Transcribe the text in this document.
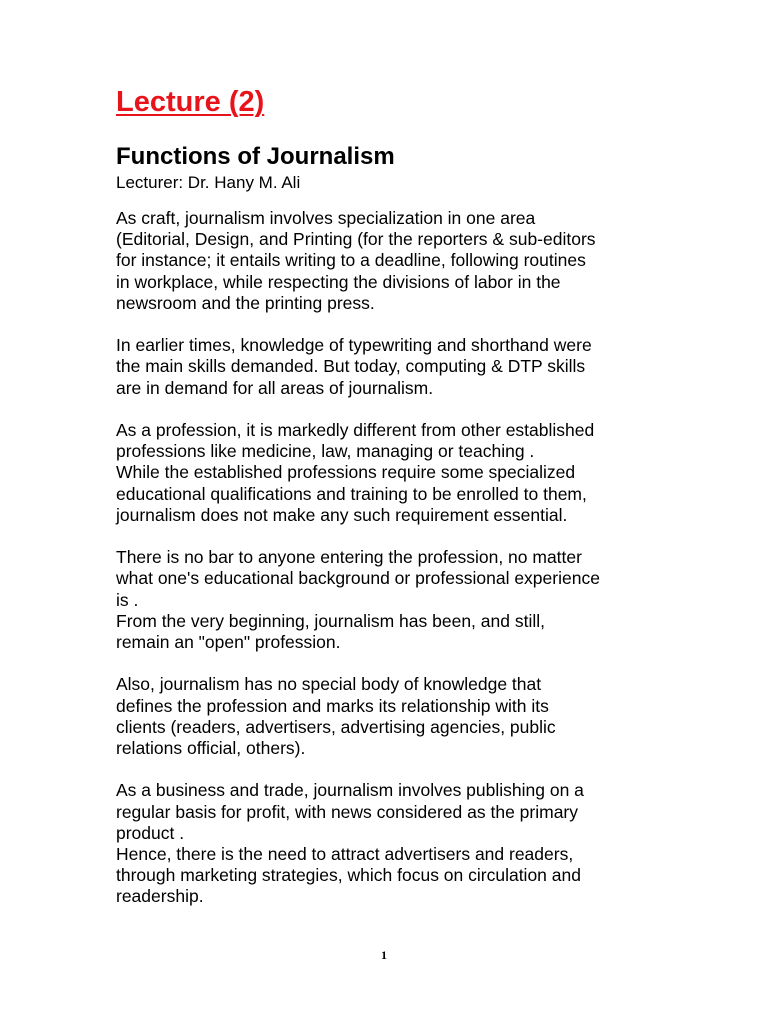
Lecture (2)
Functions of Journalism

Lecturer: Dr. Hany M. Ali

As craft, journalism involves specialization in one area
(Editorial, Design, and Printing (for the reporters & sub-editors
for instance; it entails writing to a deadline, following routines
in workplace, while respecting the divisions of labor in the
newsroom and the printing press.

In earlier times, knowledge of typewriting and shorthand were
the main skills demanded. But today, computing & DTP skills
are in demand for all areas of journalism.

As a profession, it is markedly different from other established
professions like medicine, law, managing or teaching .
While the established professions require some specialized
educational qualifications and training to be enrolled to them,
journalism does not make any such requirement essential.

There is no bar to anyone entering the profession, no matter
what one's educational background or professional experience
is .
From the very beginning, journalism has been, and still,
remain an "open" profession.

Also, journalism has no special body of knowledge that
defines the profession and marks its relationship with its
clients (readers, advertisers, advertising agencies, public
relations official, others).

As a business and trade, journalism involves publishing on a
regular basis for profit, with news considered as the primary
product .
Hence, there is the need to attract advertisers and readers,
through marketing strategies, which focus on circulation and
readership.

1
